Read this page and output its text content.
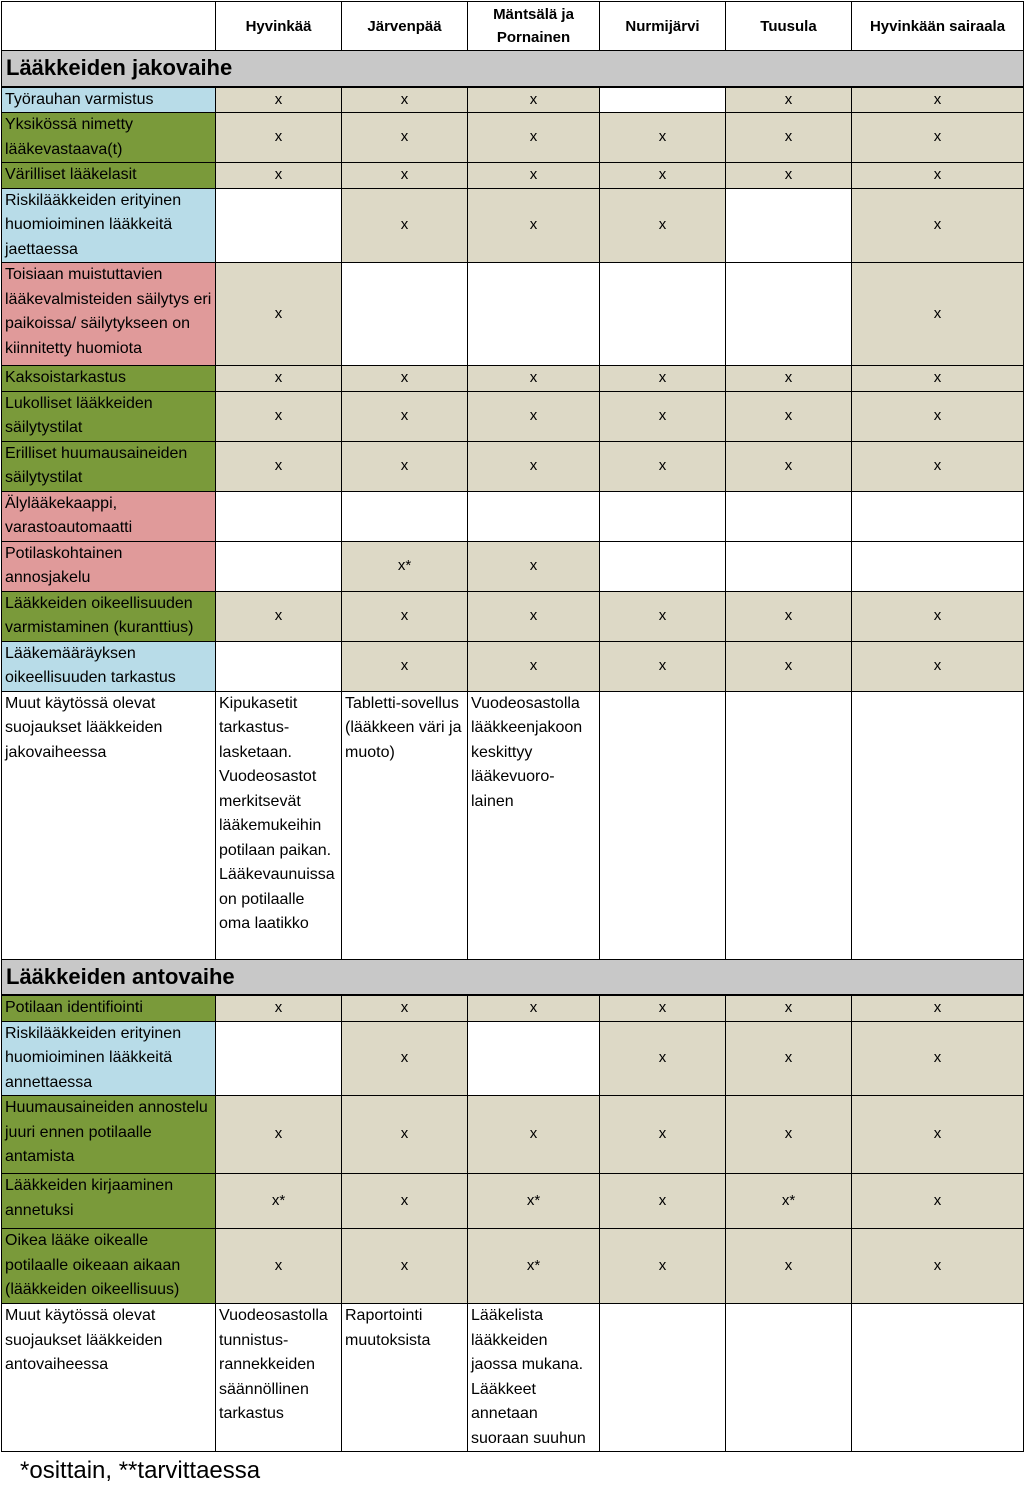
	Hyvinkää	Järvenpää	Mäntsälä ja Pornainen	Nurmijärvi	Tuusula	Hyvinkään sairaala
Lääkkeiden jakovaihe						
Työrauhan varmistus	x	x	x		x	x
Yksikössä nimetty lääkevastaava(t)	x	x	x	x	x	x
Värilliset lääkelasit	x	x	x	x	x	x
Riskilääkkeiden erityinen huomioiminen lääkkeitä jaettaessa		x	x	x		x
Toisiaan muistuttavien lääkevalmisteiden säilytys eri paikoissa/ säilytykseen on kiinnitetty huomiota	x					x
Kaksoistarkastus	x	x	x	x	x	x
Lukolliset lääkkeiden säilytystilat	x	x	x	x	x	x
Erilliset huumausaineiden säilytystilat	x	x	x	x	x	x
Älylääkekaappi, varastoautomaatti						
Potilaskohtainen annosjakelu		x*	x			
Lääkkeiden oikeellisuuden varmistaminen (kuranttius)	x	x	x	x	x	x
Lääkemääräyksen oikeellisuuden tarkastus		x	x	x	x	x
Muut käytössä olevat suojaukset lääkkeiden jakovaiheessa	Kipukasetit tarkastus-lasketaan. Vuodeosastot merkitsevät lääkemukeihin potilaan paikan. Lääkevaunuissa on potilaalle oma laatikko	Tabletti-sovellus (lääkkeen väri ja muoto)	Vuodeosastolla lääkkeenjakoon keskittyy lääkevuoro-lainen			
Lääkkeiden antovaihe						
Potilaan identifiointi	x	x	x	x	x	x
Riskilääkkeiden erityinen huomioiminen lääkkeitä annettaessa		x		x	x	x
Huumausaineiden annostelu juuri ennen potilaalle antamista	x	x	x	x	x	x
Lääkkeiden kirjaaminen annetuksi	x*	x	x*	x	x*	x
Oikea lääke oikealle potilaalle oikeaan aikaan (lääkkeiden oikeellisuus)	x	x	x*	x	x	x
Muut käytössä olevat suojaukset lääkkeiden antovaiheessa	Vuodeosastolla tunnistus-rannekkeiden säännöllinen tarkastus	Raportointi muutoksista	Lääkelista lääkkeiden jaossa mukana. Lääkkeet annetaan suoraan suuhun			
*osittain, **tarvittaessa
